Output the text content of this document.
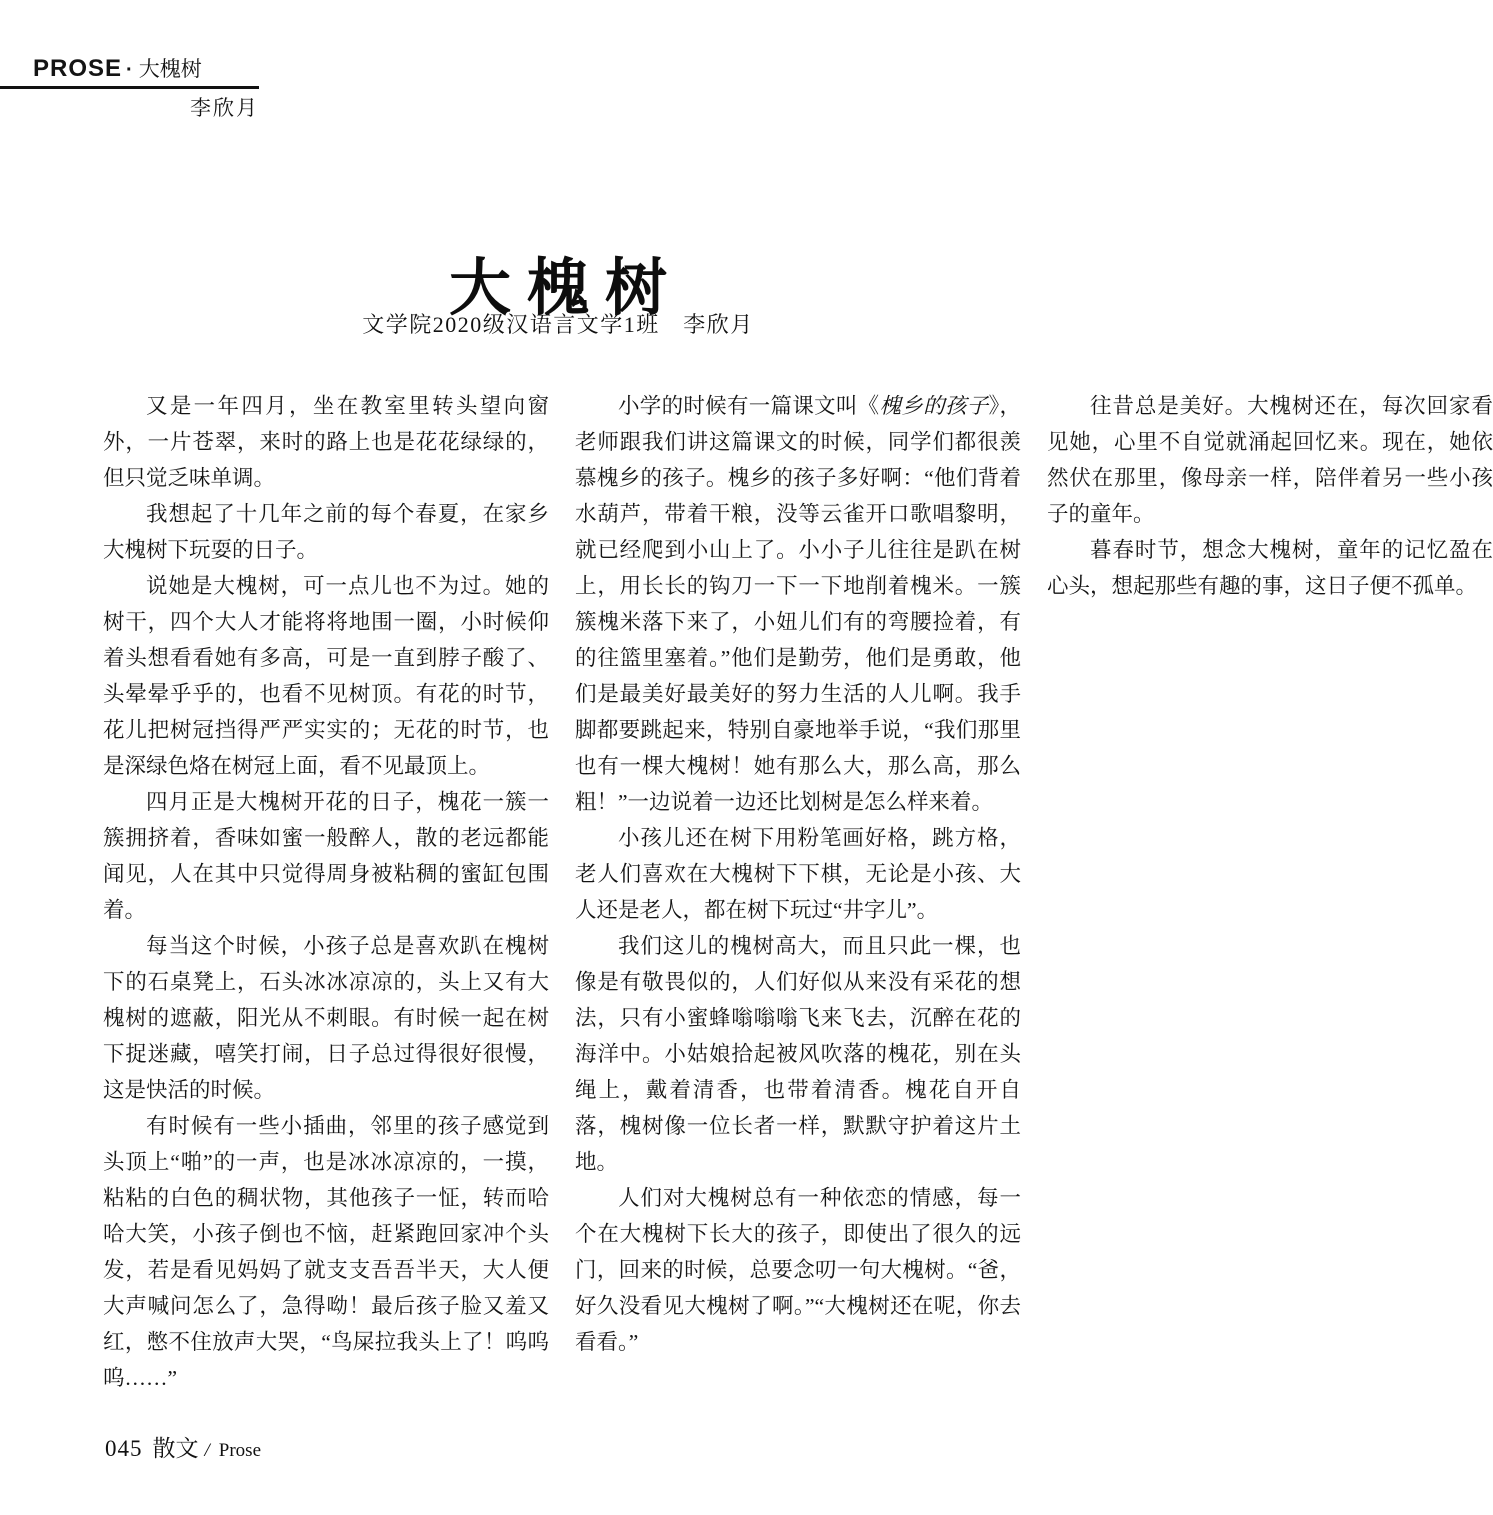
PROSE · 大槐树
李欣月
大槐树
文学院2020级汉语言文学1班　李欣月

又是一年四月，坐在教室里转头望向窗外，一片苍翠，来时的路上也是花花绿绿的，但只觉乏味单调。

我想起了十几年之前的每个春夏，在家乡大槐树下玩耍的日子。

说她是大槐树，可一点儿也不为过。她的树干，四个大人才能将将地围一圈，小时候仰着头想看看她有多高，可是一直到脖子酸了、头晕晕乎乎的，也看不见树顶。有花的时节，花儿把树冠挡得严严实实的；无花的时节，也是深绿色烙在树冠上面，看不见最顶上。

四月正是大槐树开花的日子，槐花一簇一簇拥挤着，香味如蜜一般醉人，散的老远都能闻见，人在其中只觉得周身被粘稠的蜜缸包围着。

每当这个时候，小孩子总是喜欢趴在槐树下的石桌凳上，石头冰冰凉凉的，头上又有大槐树的遮蔽，阳光从不刺眼。有时候一起在树下捉迷藏，嘻笑打闹，日子总过得很好很慢，这是快活的时候。

有时候有一些小插曲，邻里的孩子感觉到头顶上“啪”的一声，也是冰冰凉凉的，一摸，粘粘的白色的稠状物，其他孩子一怔，转而哈哈大笑，小孩子倒也不恼，赶紧跑回家冲个头发，若是看见妈妈了就支支吾吾半天，大人便大声喊问怎么了，急得呦！最后孩子脸又羞又红，憋不住放声大哭，“鸟屎拉我头上了！呜呜呜……”

小学的时候有一篇课文叫《槐乡的孩子》，老师跟我们讲这篇课文的时候，同学们都很羡慕槐乡的孩子。槐乡的孩子多好啊：“他们背着水葫芦，带着干粮，没等云雀开口歌唱黎明，就已经爬到小山上了。小小子儿往往是趴在树上，用长长的钩刀一下一下地削着槐米。一簇簇槐米落下来了，小妞儿们有的弯腰捡着，有的往篮里塞着。”他们是勤劳，他们是勇敢，他们是最美好最美好的努力生活的人儿啊。我手脚都要跳起来，特别自豪地举手说，“我们那里也有一棵大槐树！她有那么大，那么高，那么粗！”一边说着一边还比划树是怎么样来着。

小孩儿还在树下用粉笔画好格，跳方格，老人们喜欢在大槐树下下棋，无论是小孩、大人还是老人，都在树下玩过“井字儿”。

我们这儿的槐树高大，而且只此一棵，也像是有敬畏似的，人们好似从来没有采花的想法，只有小蜜蜂嗡嗡嗡飞来飞去，沉醉在花的海洋中。小姑娘拾起被风吹落的槐花，别在头绳上，戴着清香，也带着清香。槐花自开自落，槐树像一位长者一样，默默守护着这片土地。

人们对大槐树总有一种依恋的情感，每一个在大槐树下长大的孩子，即使出了很久的远门，回来的时候，总要念叨一句大槐树。“爸，好久没看见大槐树了啊。”“大槐树还在呢，你去看看。”

往昔总是美好。大槐树还在，每次回家看见她，心里不自觉就涌起回忆来。现在，她依然伏在那里，像母亲一样，陪伴着另一些小孩子的童年。

暮春时节，想念大槐树，童年的记忆盈在心头，想起那些有趣的事，这日子便不孤单。

045 散文 / Prose
